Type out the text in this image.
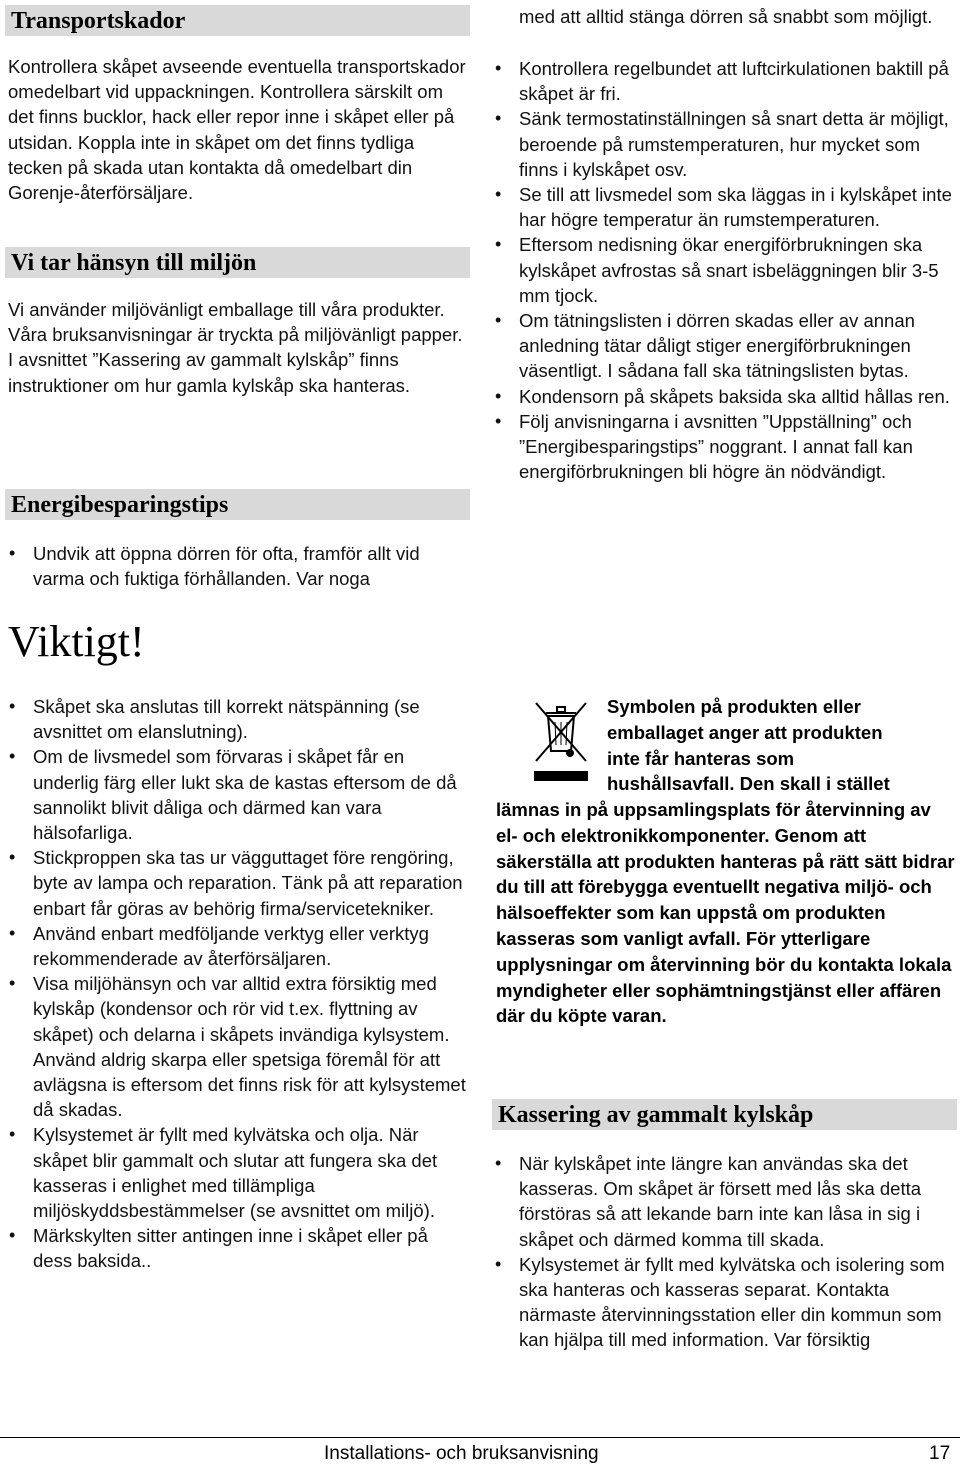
Transportskador

Kontrollera skåpet avseende eventuella transportskador omedelbart vid uppackningen. Kontrollera särskilt om det finns bucklor, hack eller repor inne i skåpet eller på utsidan. Koppla inte in skåpet om det finns tydliga tecken på skada utan kontakta då omedelbart din Gorenje-återförsäljare.

Vi tar hänsyn till miljön

Vi använder miljövänligt emballage till våra produkter.

Våra bruksanvisningar är tryckta på miljövänligt papper.

I avsnittet ”Kassering av gammalt kylskåp” finns instruktioner om hur gamla kylskåp ska hanteras.

Energibesparingstips
• Undvik att öppna dörren för ofta, framför allt vid varma och fuktiga förhållanden. Var noga

med att alltid stänga dörren så snabbt som möjligt.

• Kontrollera regelbundet att luftcirkulationen baktill på skåpet är fri.
• Sänk termostatinställningen så snart detta är möjligt, beroende på rumstemperaturen, hur mycket som finns i kylskåpet osv.
• Se till att livsmedel som ska läggas in i kylskåpet inte har högre temperatur än rumstemperaturen.
• Eftersom nedisning ökar energiförbrukningen ska kylskåpet avfrostas så snart isbeläggningen blir 3-5 mm tjock.
• Om tätningslisten i dörren skadas eller av annan anledning tätar dåligt stiger energiförbrukningen väsentligt. I sådana fall ska tätningslisten bytas.
• Kondensorn på skåpets baksida ska alltid hållas ren.
• Följ anvisningarna i avsnitten ”Uppställning” och ”Energibesparingstips” noggrant. I annat fall kan energiförbrukningen bli högre än nödvändigt.
Viktigt!
• Skåpet ska anslutas till korrekt nätspänning (se avsnittet om elanslutning).
• Om de livsmedel som förvaras i skåpet får en underlig färg eller lukt ska de kastas eftersom de då sannolikt blivit dåliga och därmed kan vara hälsofarliga.
• Stickproppen ska tas ur vägguttaget före rengöring, byte av lampa och reparation. Tänk på att reparation enbart får göras av behörig firma/servicetekniker.
• Använd enbart medföljande verktyg eller verktyg rekommenderade av återförsäljaren.
• Visa miljöhänsyn och var alltid extra försiktig med kylskåp (kondensor och rör vid t.ex. flyttning av skåpet) och delarna i skåpets invändiga kylsystem. Använd aldrig skarpa eller spetsiga föremål för att avlägsna is eftersom det finns risk för att kylsystemet då skadas.
• Kylsystemet är fyllt med kylvätska och olja. När skåpet blir gammalt och slutar att fungera ska det kasseras i enlighet med tillämpliga miljöskyddsbestämmelser (se avsnittet om miljö).
• Märkskylten sitter antingen inne i skåpet eller på dess baksida..
Symbolen på produkten eller
emballaget anger att produkten
inte får hanteras som
hushållsavfall. Den skall i stället
lämnas in på uppsamlingsplats för återvinning av el- och elektronikkomponenter. Genom att säkerställa att produkten hanteras på rätt sätt bidrar du till att förebygga eventuellt negativa miljö- och hälsoeffekter som kan uppstå om produkten kasseras som vanligt avfall. För ytterligare upplysningar om återvinning bör du kontakta lokala myndigheter eller sophämtningstjänst eller affären där du köpte varan.
Kassering av gammalt kylskåp
• När kylskåpet inte längre kan användas ska det kasseras. Om skåpet är försett med lås ska detta förstöras så att lekande barn inte kan låsa in sig i skåpet och därmed komma till skada.
• Kylsystemet är fyllt med kylvätska och isolering som ska hanteras och kasseras separat. Kontakta närmaste återvinningsstation eller din kommun som kan hjälpa till med information. Var försiktig
Installations- och bruksanvisning	17
